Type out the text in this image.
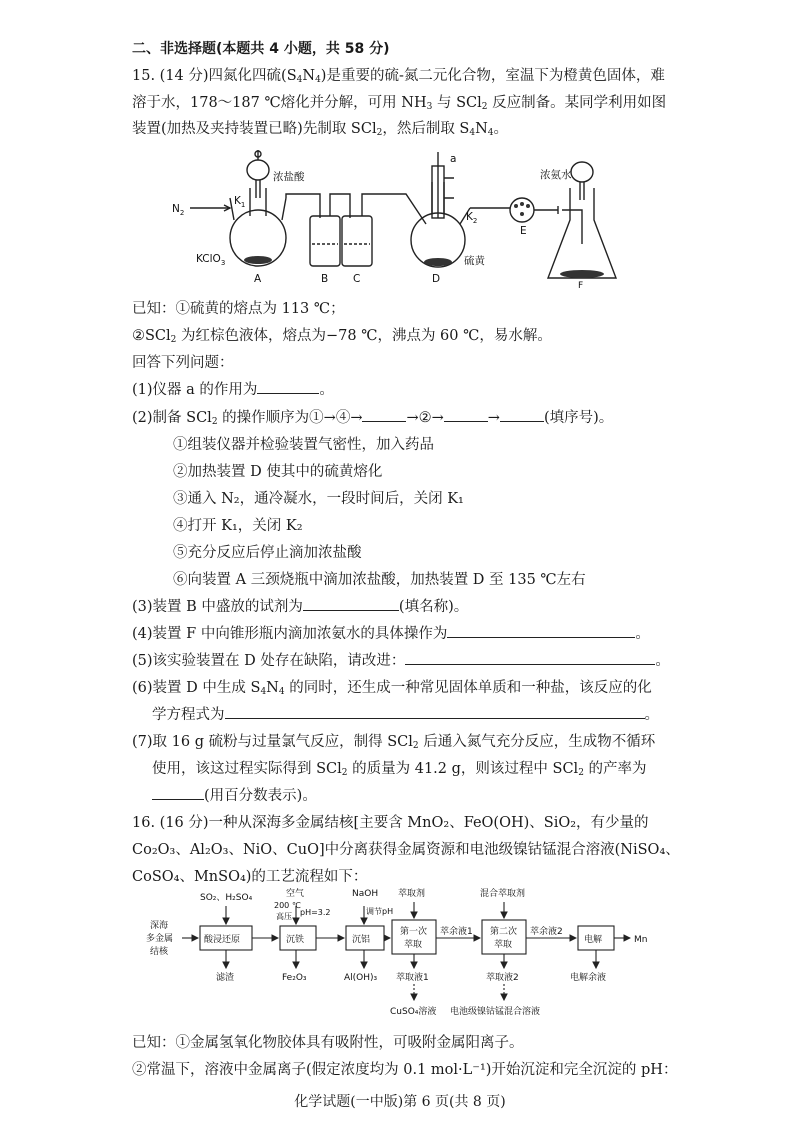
二、非选择题(本题共 4 小题，共 58 分)
15. (14 分)四氮化四硫$(S_4N_4)$是重要的硫-氮二元化合物，室温下为橙黄色固体，难
溶于水，178～187 ℃熔化并分解，可用 $NH_3$ 与 SCl$_2$ 反应制备。某同学利用如图
装置(加热及夹持装置已略)先制取 SCl$_2$，然后制取 $S_4N_4$。
浓盐酸
$N_2$
$K_1$
KClO$_3$
A	B C	D
a
$K_2$
硫黄
E
浓氨水
F
已知：①硫黄的熔点为 113 ℃；
②SCl$_2$ 为红棕色液体，熔点为−78 ℃，沸点为 60 ℃，易水解。
回答下列问题：
(1)仪器 a 的作用为	。
(2)制备 SCl$_2$ 的操作顺序为①→④→	→②→	→	(填序号)。
①组装仪器并检验装置气密性，加入药品
②加热装置 D 使其中的硫黄熔化
③通入 N₂，通冷凝水，一段时间后，关闭 K₁
④打开 K₁，关闭 K₂
⑤充分反应后停止滴加浓盐酸
⑥向装置 A 三颈烧瓶中滴加浓盐酸，加热装置 D 至 135 ℃左右
(3)装置 B 中盛放的试剂为	(填名称)。
(4)装置 F 中向锥形瓶内滴加浓氨水的具体操作为	。
(5)该实验装置在 D 处存在缺陷，请改进：	。
(6)装置 D 中生成 $S_4N_4$ 的同时，还生成一种常见固体单质和一种盐，该反应的化
学方程式为	。
(7)取 16 g 硫粉与过量氯气反应，制得 SCl$_2$ 后通入氮气充分反应，生成物不循环
使用，该这过程实际得到 SCl$_2$ 的质量为 41.2 g，则该过程中 SCl$_2$ 的产率为
(用百分数表示)。
16. (16 分)一种从深海多金属结核[主要含 MnO₂、FeO(OH)、SiO₂，有少量的
Co₂O₃、Al₂O₃、NiO、CuO]中分离获得金属资源和电池级镍钴锰混合溶液(NiSO₄、
CoSO₄、MnSO₄)的工艺流程如下：
深海
多金属
结核
SO₂、H₂SO₄	空气
200 ℃
高压 pH=3.2
NaOH
调节pH
萃取剂	混合萃取剂
酸浸还原	沉铁	沉铝
第一次
萃取
第二次
萃取	电解
萃余液1	萃余液2
Mn
滤渣	Fe₂O₃	Al(OH)₃ 萃取液1	萃取液2	电解余液
CuSO₄溶液 电池级镍钴锰混合溶液
已知：①金属氢氧化物胶体具有吸附性，可吸附金属阳离子。
②常温下，溶液中金属离子(假定浓度均为 0.1 mol·L⁻¹)开始沉淀和完全沉淀的 pH：
化学试题(一中版)第 6 页(共 8 页)
